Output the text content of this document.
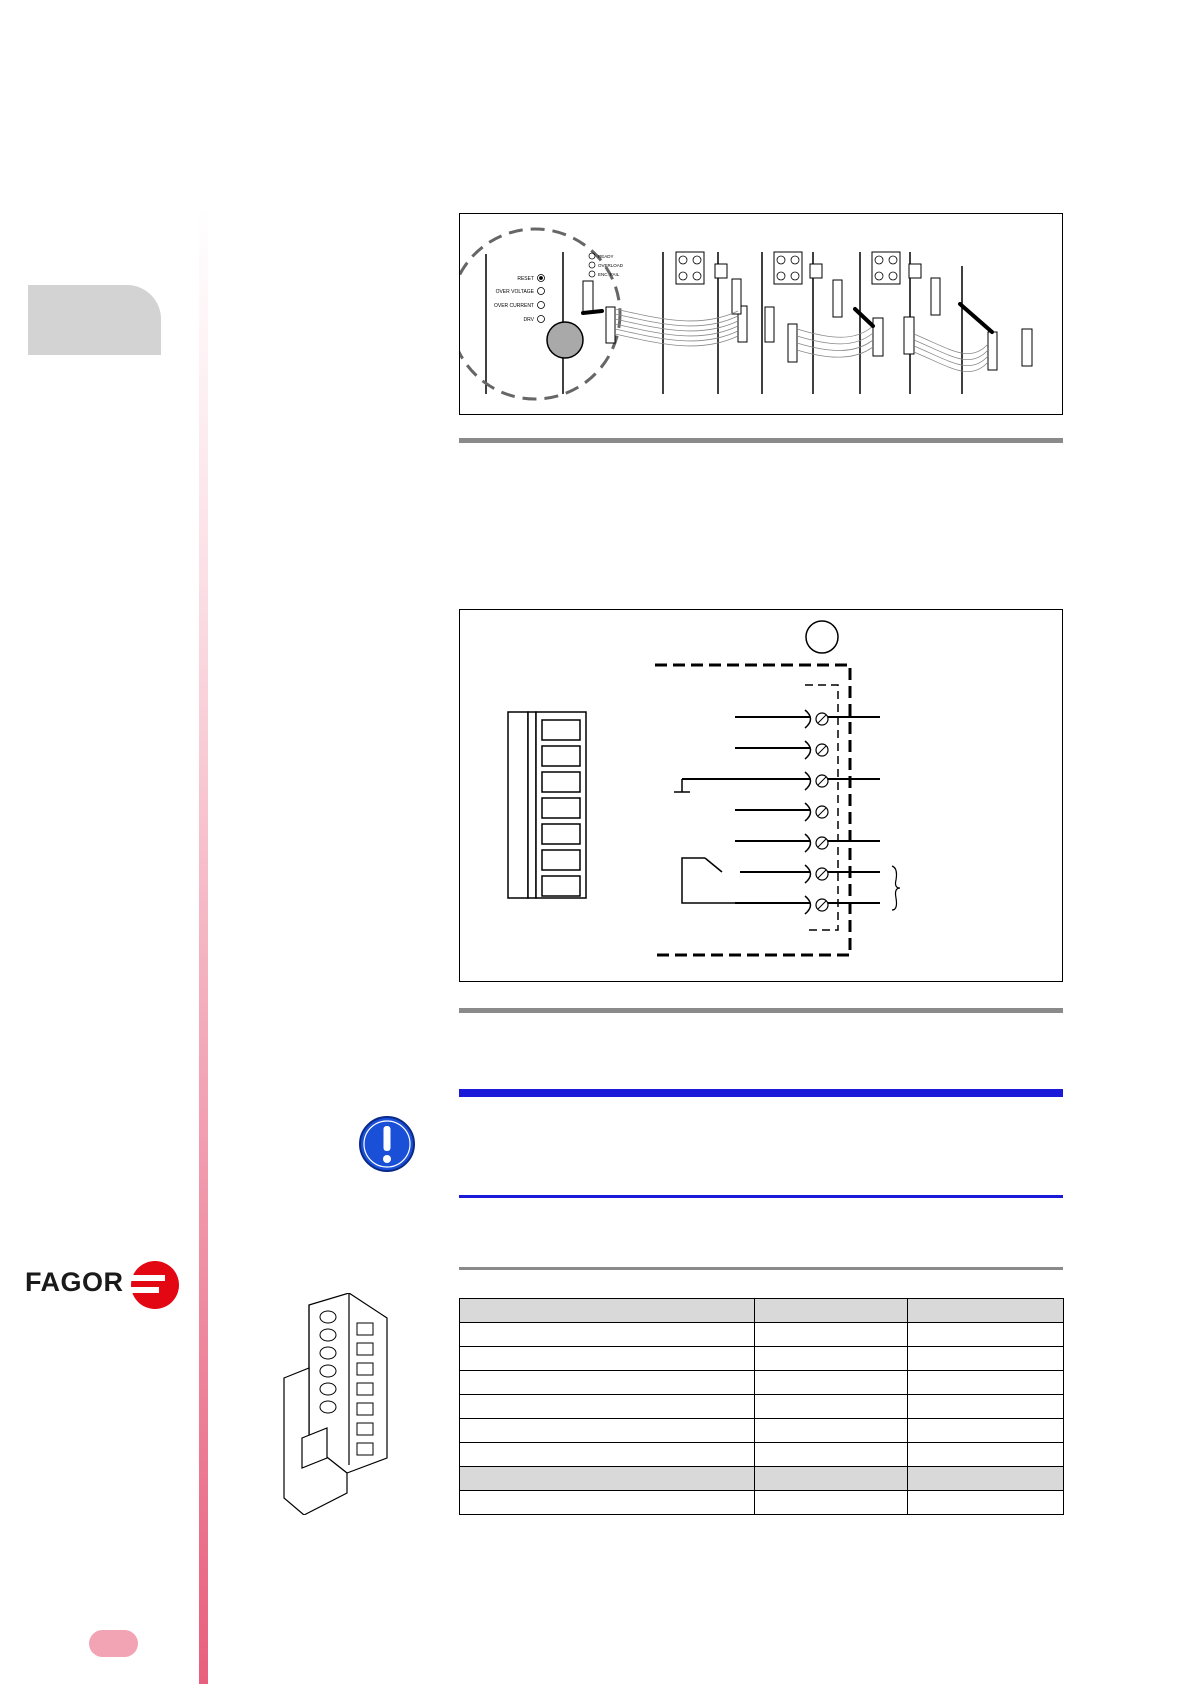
RESET
OVER VOLTAGE
OVER CURRENT
DRV
READY
OVERLOAD
ENC. FAIL
FAGOR
